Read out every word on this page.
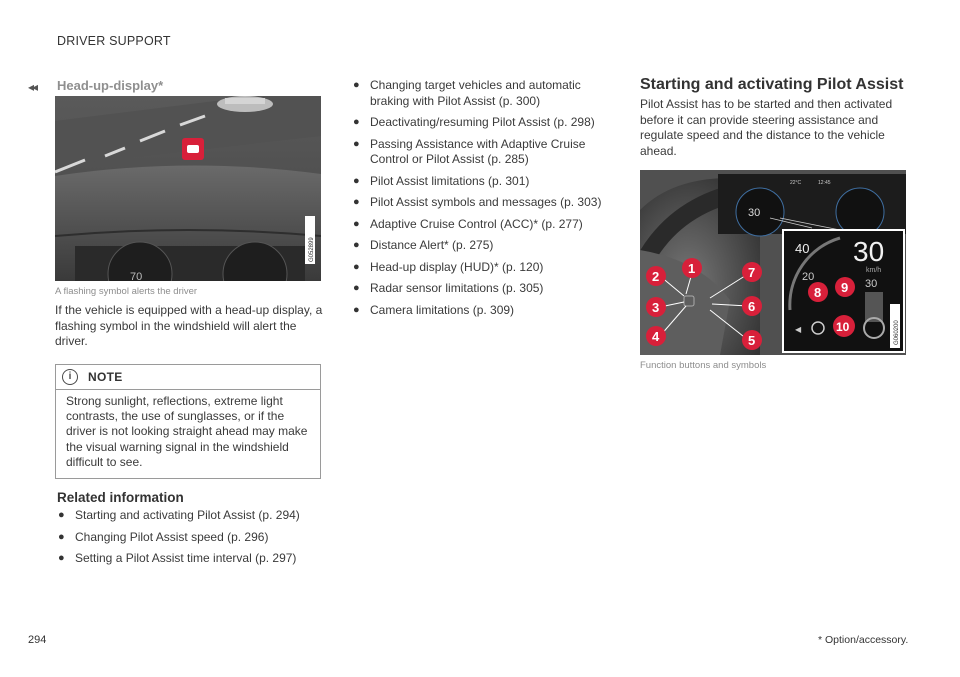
DRIVER SUPPORT
◂◂ Head-up-display*
70
G052899
A flashing symbol alerts the driver
If the vehicle is equipped with a head-up display, a flashing symbol in the windshield will alert the driver.
i	NOTE
Strong sunlight, reflections, extreme light contrasts, the use of sunglasses, or if the driver is not looking straight ahead may make the visual warning signal in the windshield difficult to see.
Related information
● Starting and activating Pilot Assist (p. 294)
● Changing Pilot Assist speed (p. 296)
● Setting a Pilot Assist time interval (p. 297)
● Changing target vehicles and automatic braking with Pilot Assist (p. 300)
● Deactivating/resuming Pilot Assist (p. 298)
● Passing Assistance with Adaptive Cruise Control or Pilot Assist (p. 285)
● Pilot Assist limitations (p. 301)
● Pilot Assist symbols and messages (p. 303)
● Adaptive Cruise Control (ACC)* (p. 277)
● Distance Alert* (p. 275)
● Head-up display (HUD)* (p. 120)
● Radar sensor limitations (p. 305)
● Camera limitations (p. 309)
Starting and activating Pilot Assist
Pilot Assist has to be started and then activated before it can provide steering assistance and regulate speed and the distance to the vehicle ahead.
30
22°C	12:45
40
20
30
km/h
30
◀	G060200
1
2
3
4	5
6
7
8 9
10
Function buttons and symbols
294	* Option/accessory.
